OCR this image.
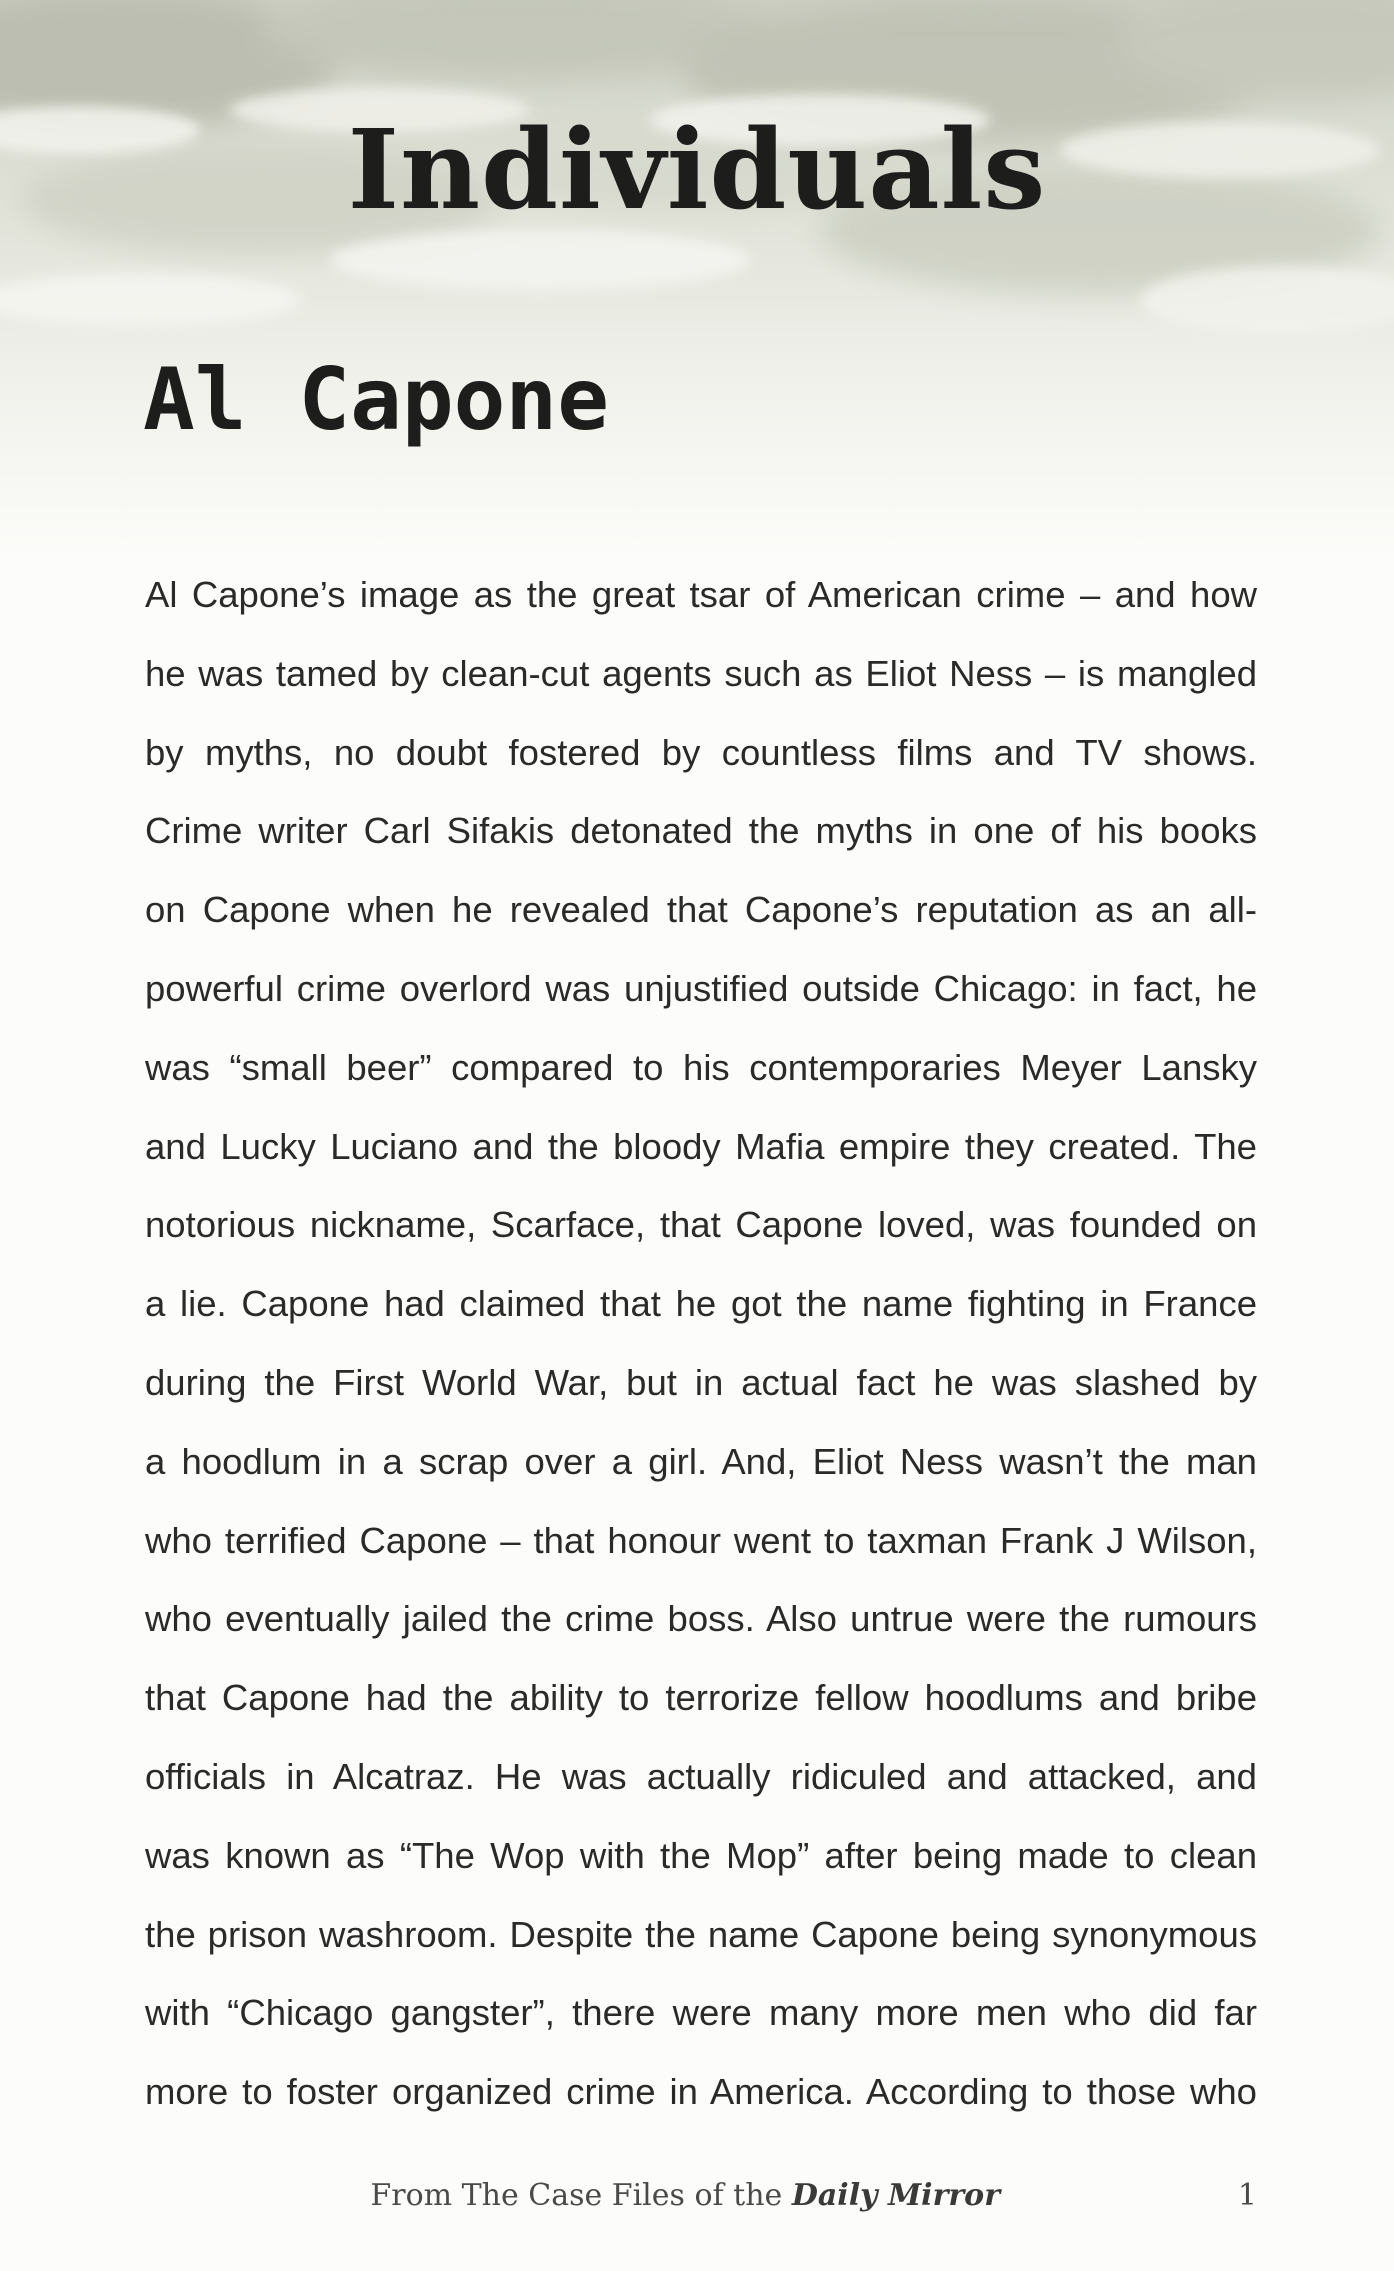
Individuals
Al Capone
Al Capone’s image as the great tsar of American crime – and how
he was tamed by clean-cut agents such as Eliot Ness – is mangled
by myths, no doubt fostered by countless films and TV shows.
Crime writer Carl Sifakis detonated the myths in one of his books
on Capone when he revealed that Capone’s reputation as an all-
powerful crime overlord was unjustified outside Chicago: in fact, he
was “small beer” compared to his contemporaries Meyer Lansky
and Lucky Luciano and the bloody Mafia empire they created. The
notorious nickname, Scarface, that Capone loved, was founded on
a lie. Capone had claimed that he got the name fighting in France
during the First World War, but in actual fact he was slashed by
a hoodlum in a scrap over a girl. And, Eliot Ness wasn’t the man
who terrified Capone – that honour went to taxman Frank J Wilson,
who eventually jailed the crime boss. Also untrue were the rumours
that Capone had the ability to terrorize fellow hoodlums and bribe
officials in Alcatraz. He was actually ridiculed and attacked, and
was known as “The Wop with the Mop” after being made to clean
the prison washroom. Despite the name Capone being synonymous
with “Chicago gangster”, there were many more men who did far
more to foster organized crime in America. According to those who
From The Case Files of the Daily Mirror	1
